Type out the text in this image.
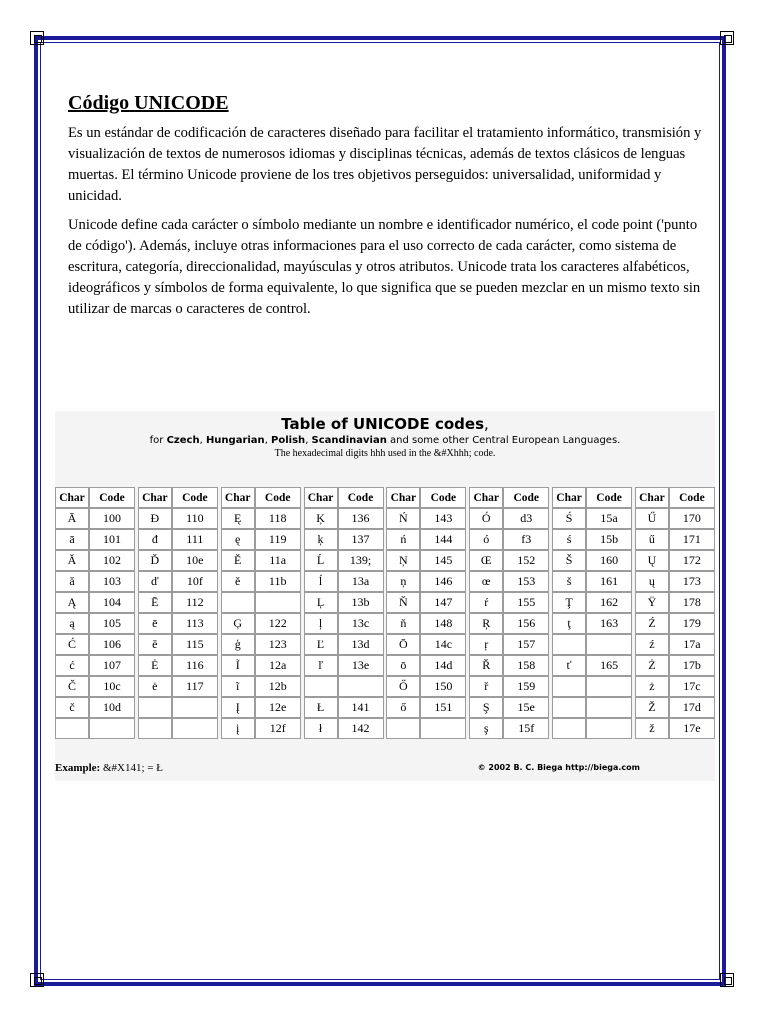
Código UNICODE

Es un estándar de codificación de caracteres diseñado para facilitar el tratamiento informático, transmisión y visualización de textos de numerosos idiomas y disciplinas técnicas, además de textos clásicos de lenguas muertas. El término Unicode proviene de los tres objetivos perseguidos: universalidad, uniformidad y unicidad.

Unicode define cada carácter o símbolo mediante un nombre e identificador numérico, el code point ('punto de código'). Además, incluye otras informaciones para el uso correcto de cada carácter, como sistema de escritura, categoría, direccionalidad, mayúsculas y otros atributos. Unicode trata los caracteres alfabéticos, ideográficos y símbolos de forma equivalente, lo que significa que se pueden mezclar en un mismo texto sin utilizar de marcas o caracteres de control.

Table of UNICODE codes,
for Czech, Hungarian, Polish, Scandinavian and some other Central European Languages.
The hexadecimal digits hhh used in the &#Xhhh; code.
Char	Code
Ā	100
ā	101
Ă	102
ă	103
Ą	104
ą	105
Ć	106
ć	107
Č	10c
č	10d

Char	Code
Đ	110
đ	111
Ď	10e
ď	10f
Ē	112
ē	113
ĕ	115
Ė	116
ė	117

Char	Code
Ę	118
ę	119
Ě	11a
ě	11b

Ģ	122
ģ	123
Ĩ	12a
ĩ	12b
Į	12e
į	12f
Char	Code
Ķ	136
ķ	137
Ĺ	139;
ĺ	13a
Ļ	13b
ļ	13c
Ľ	13d
ľ	13e

Ł	141
ł	142
Char	Code
Ń	143
ń	144
Ņ	145
ņ	146
Ň	147
ň	148
Ō	14c
ō	14d
Ő	150
ő	151

Char	Code
Ó	d3
ó	f3
Œ	152
œ	153
ŕ	155
Ŗ	156
ŗ	157
Ř	158
ř	159
Ş	15e
ş	15f
Char	Code
Ś	15a
ś	15b
Š	160
š	161
Ţ	162
ţ	163

ť	165

Char	Code
Ű	170
ű	171
Ų	172
ų	173
Ÿ	178
Ź	179
ź	17a
Ż	17b
ż	17c
Ž	17d
ž	17e
Example: &#X141; = Ł	© 2002 B. C. Biega http://biega.com
